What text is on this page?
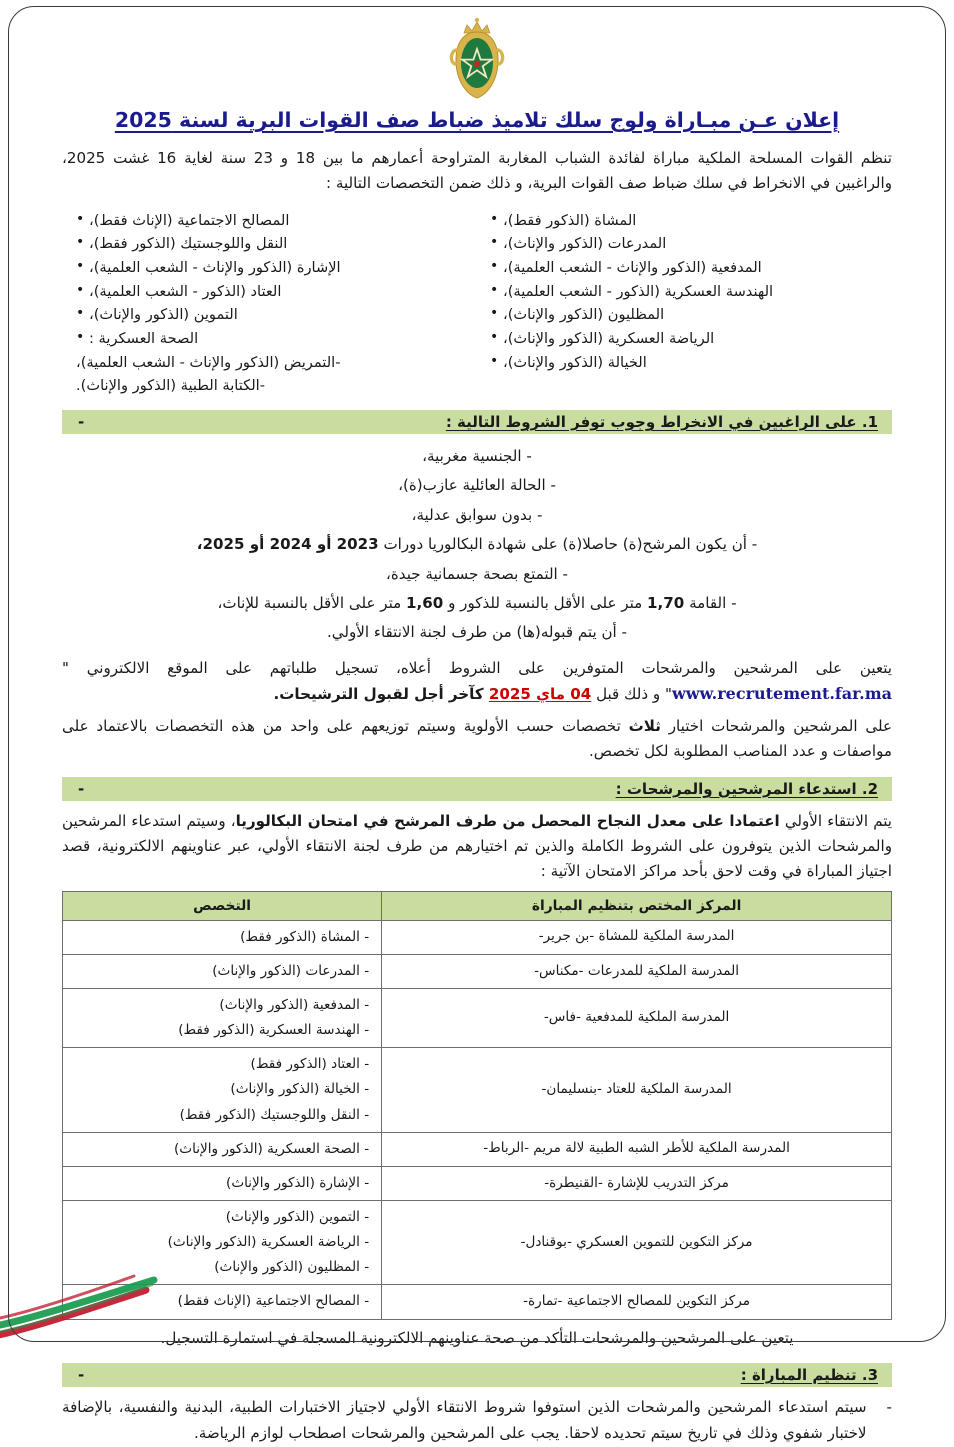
إعلان عـن مبـاراة ولوج سلك تلاميذ ضباط صف القوات البرية لسنة 2025

تنظم القوات المسلحة الملكية مباراة لفائدة الشباب المغاربة المتراوحة أعمارهم ما بين 18 و 23 سنة لغاية 16 غشت 2025، والراغبين في الانخراط في سلك ضباط صف القوات البرية، و ذلك ضمن التخصصات التالية :

المشاة (الذكور فقط)، •
المدرعات (الذكور والإناث)، •
المدفعية (الذكور والإناث - الشعب العلمية)، •
الهندسة العسكرية (الذكور - الشعب العلمية)، •
المظليون (الذكور والإناث)، •
الرياضة العسكرية (الذكور والإناث)، •
الخيالة (الذكور والإناث)، •
المصالح الاجتماعية (الإناث فقط)، •
النقل واللوجستيك (الذكور فقط)، •
الإشارة (الذكور والإناث - الشعب العلمية)، •
العتاد (الذكور - الشعب العلمية)، •
التموين (الذكور والإناث)، •
الصحة العسكرية : •
-التمريض (الذكور والإناث - الشعب العلمية)،
-الكتابة الطبية (الذكور والإناث).
1. على الراغبين في الانخراط وجوب توفر الشروط التالية :
-
- الجنسية مغربية،
- الحالة العائلية عازب(ة)،
- بدون سوابق عدلية،
- أن يكون المرشح(ة) حاصلا(ة) على شهادة البكالوريا دورات 2023 أو 2024 أو 2025،
- التمتع بصحة جسمانية جيدة،
- القامة 1,70 متر على الأقل بالنسبة للذكور و 1,60 متر على الأقل بالنسبة للإناث،
- أن يتم قبوله(ها) من طرف لجنة الانتقاء الأولي.

يتعين على المرشحين والمرشحات المتوفرين على الشروط أعلاه، تسجيل طلباتهم على الموقع الالكتروني "www.recrutement.far.ma" و ذلك قبل 04 ماي 2025 كآخر أجل لقبول الترشيحات.

على المرشحين والمرشحات اختيار ثلاث تخصصات حسب الأولوية وسيتم توزيعهم على واحد من هذه التخصصات بالاعتماد على مواصفات و عدد المناصب المطلوبة لكل تخصص.

2. استدعاء المرشحين والمرشحات :
-

يتم الانتقاء الأولي اعتمادا على معدل النجاح المحصل من طرف المرشح في امتحان البكالوريا، وسيتم استدعاء المرشحين والمرشحات الذين يتوفرون على الشروط الكاملة والذين تم اختيارهم من طرف لجنة الانتقاء الأولي، عبر عناوينهم الالكترونية، قصد اجتياز المباراة في وقت لاحق بأحد مراكز الامتحان الآتية :

المركز المختص بتنظيم المباراة	التخصص
المدرسة الملكية للمشاة -بن جرير-	- المشاة (الذكور فقط)

المدرسة الملكية للمدرعات -مكناس-	- المدرعات (الذكور والإناث)

المدرسة الملكية للمدفعية -فاس-	- المدفعية (الذكور والإناث)
- الهندسة العسكرية (الذكور فقط)

المدرسة الملكية للعتاد -بنسليمان-	- العتاد (الذكور فقط)
- الخيالة (الذكور والإناث)
- النقل واللوجستيك (الذكور فقط)

المدرسة الملكية للأطر الشبه الطبية لالة مريم -الرباط-	- الصحة العسكرية (الذكور والإناث)

مركز التدريب للإشارة -القنيطرة-	- الإشارة (الذكور والإناث)

مركز التكوين للتموين العسكري -بوقنادل-	- التموين (الذكور والإناث)
- الرياضة العسكرية (الذكور والإناث)
- المظليون (الذكور والإناث)

مركز التكوين للمصالح الاجتماعية -تمارة-	- المصالح الاجتماعية (الإناث فقط)

يتعين على المرشحين والمرشحات التأكد من صحة عناوينهم الالكترونية المسجلة في استمارة التسجيل.

3. تنظيم المباراة :
-
-
سيتم استدعاء المرشحين والمرشحات الذين استوفوا شروط الانتقاء الأولي لاجتياز الاختبارات الطبية، البدنية والنفسية، بالإضافة لاختبار شفوي وذلك في تاريخ سيتم تحديده لاحقا. يجب على المرشحين والمرشحات اصطحاب لوازم الرياضة.
